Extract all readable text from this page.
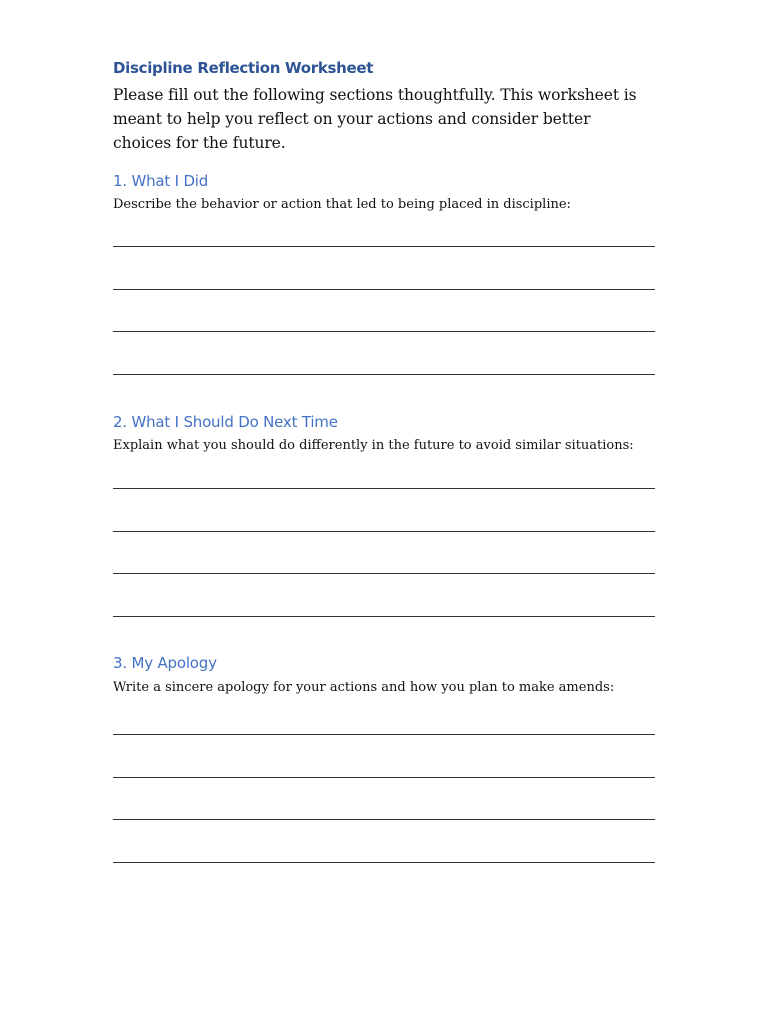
Discipline Reflection Worksheet
Please fill out the following sections thoughtfully. This worksheet is meant to help you reflect on your actions and consider better choices for the future.
1. What I Did
Describe the behavior or action that led to being placed in discipline:
2. What I Should Do Next Time
Explain what you should do differently in the future to avoid similar situations:
3. My Apology
Write a sincere apology for your actions and how you plan to make amends:
